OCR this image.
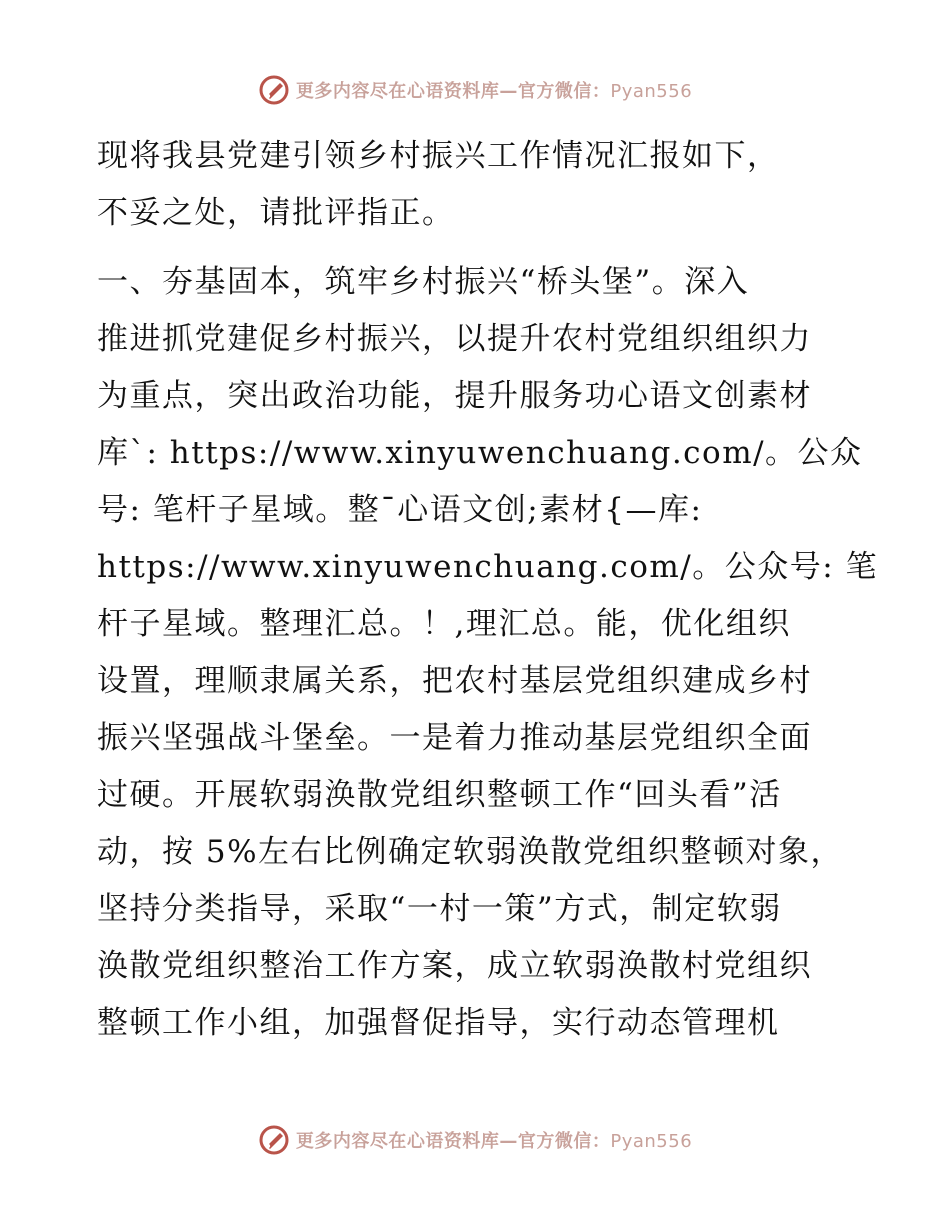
更多内容尽在心语资料库—官方微信：Pyan556
现将我县党建引领乡村振兴工作情况汇报如下，
不妥之处，请批评指正。
一、夯基固本，筑牢乡村振兴“桥头堡”。深入
推进抓党建促乡村振兴，以提升农村党组织组织力
为重点，突出政治功能，提升服务功心语文创素材
库`: https://www.xinyuwenchuang.com/。公众
号: 笔杆子星域。整¯心语文创;素材{—库:
https://www.xinyuwenchuang.com/。公众号: 笔
杆子星域。整理汇总。！,理汇总。能，优化组织
设置，理顺隶属关系，把农村基层党组织建成乡村
振兴坚强战斗堡垒。一是着力推动基层党组织全面
过硬。开展软弱涣散党组织整顿工作“回头看”活
动，按 5%左右比例确定软弱涣散党组织整顿对象，
坚持分类指导，采取“一村一策”方式，制定软弱
涣散党组织整治工作方案，成立软弱涣散村党组织
整顿工作小组，加强督促指导，实行动态管理机
更多内容尽在心语资料库—官方微信：Pyan556
